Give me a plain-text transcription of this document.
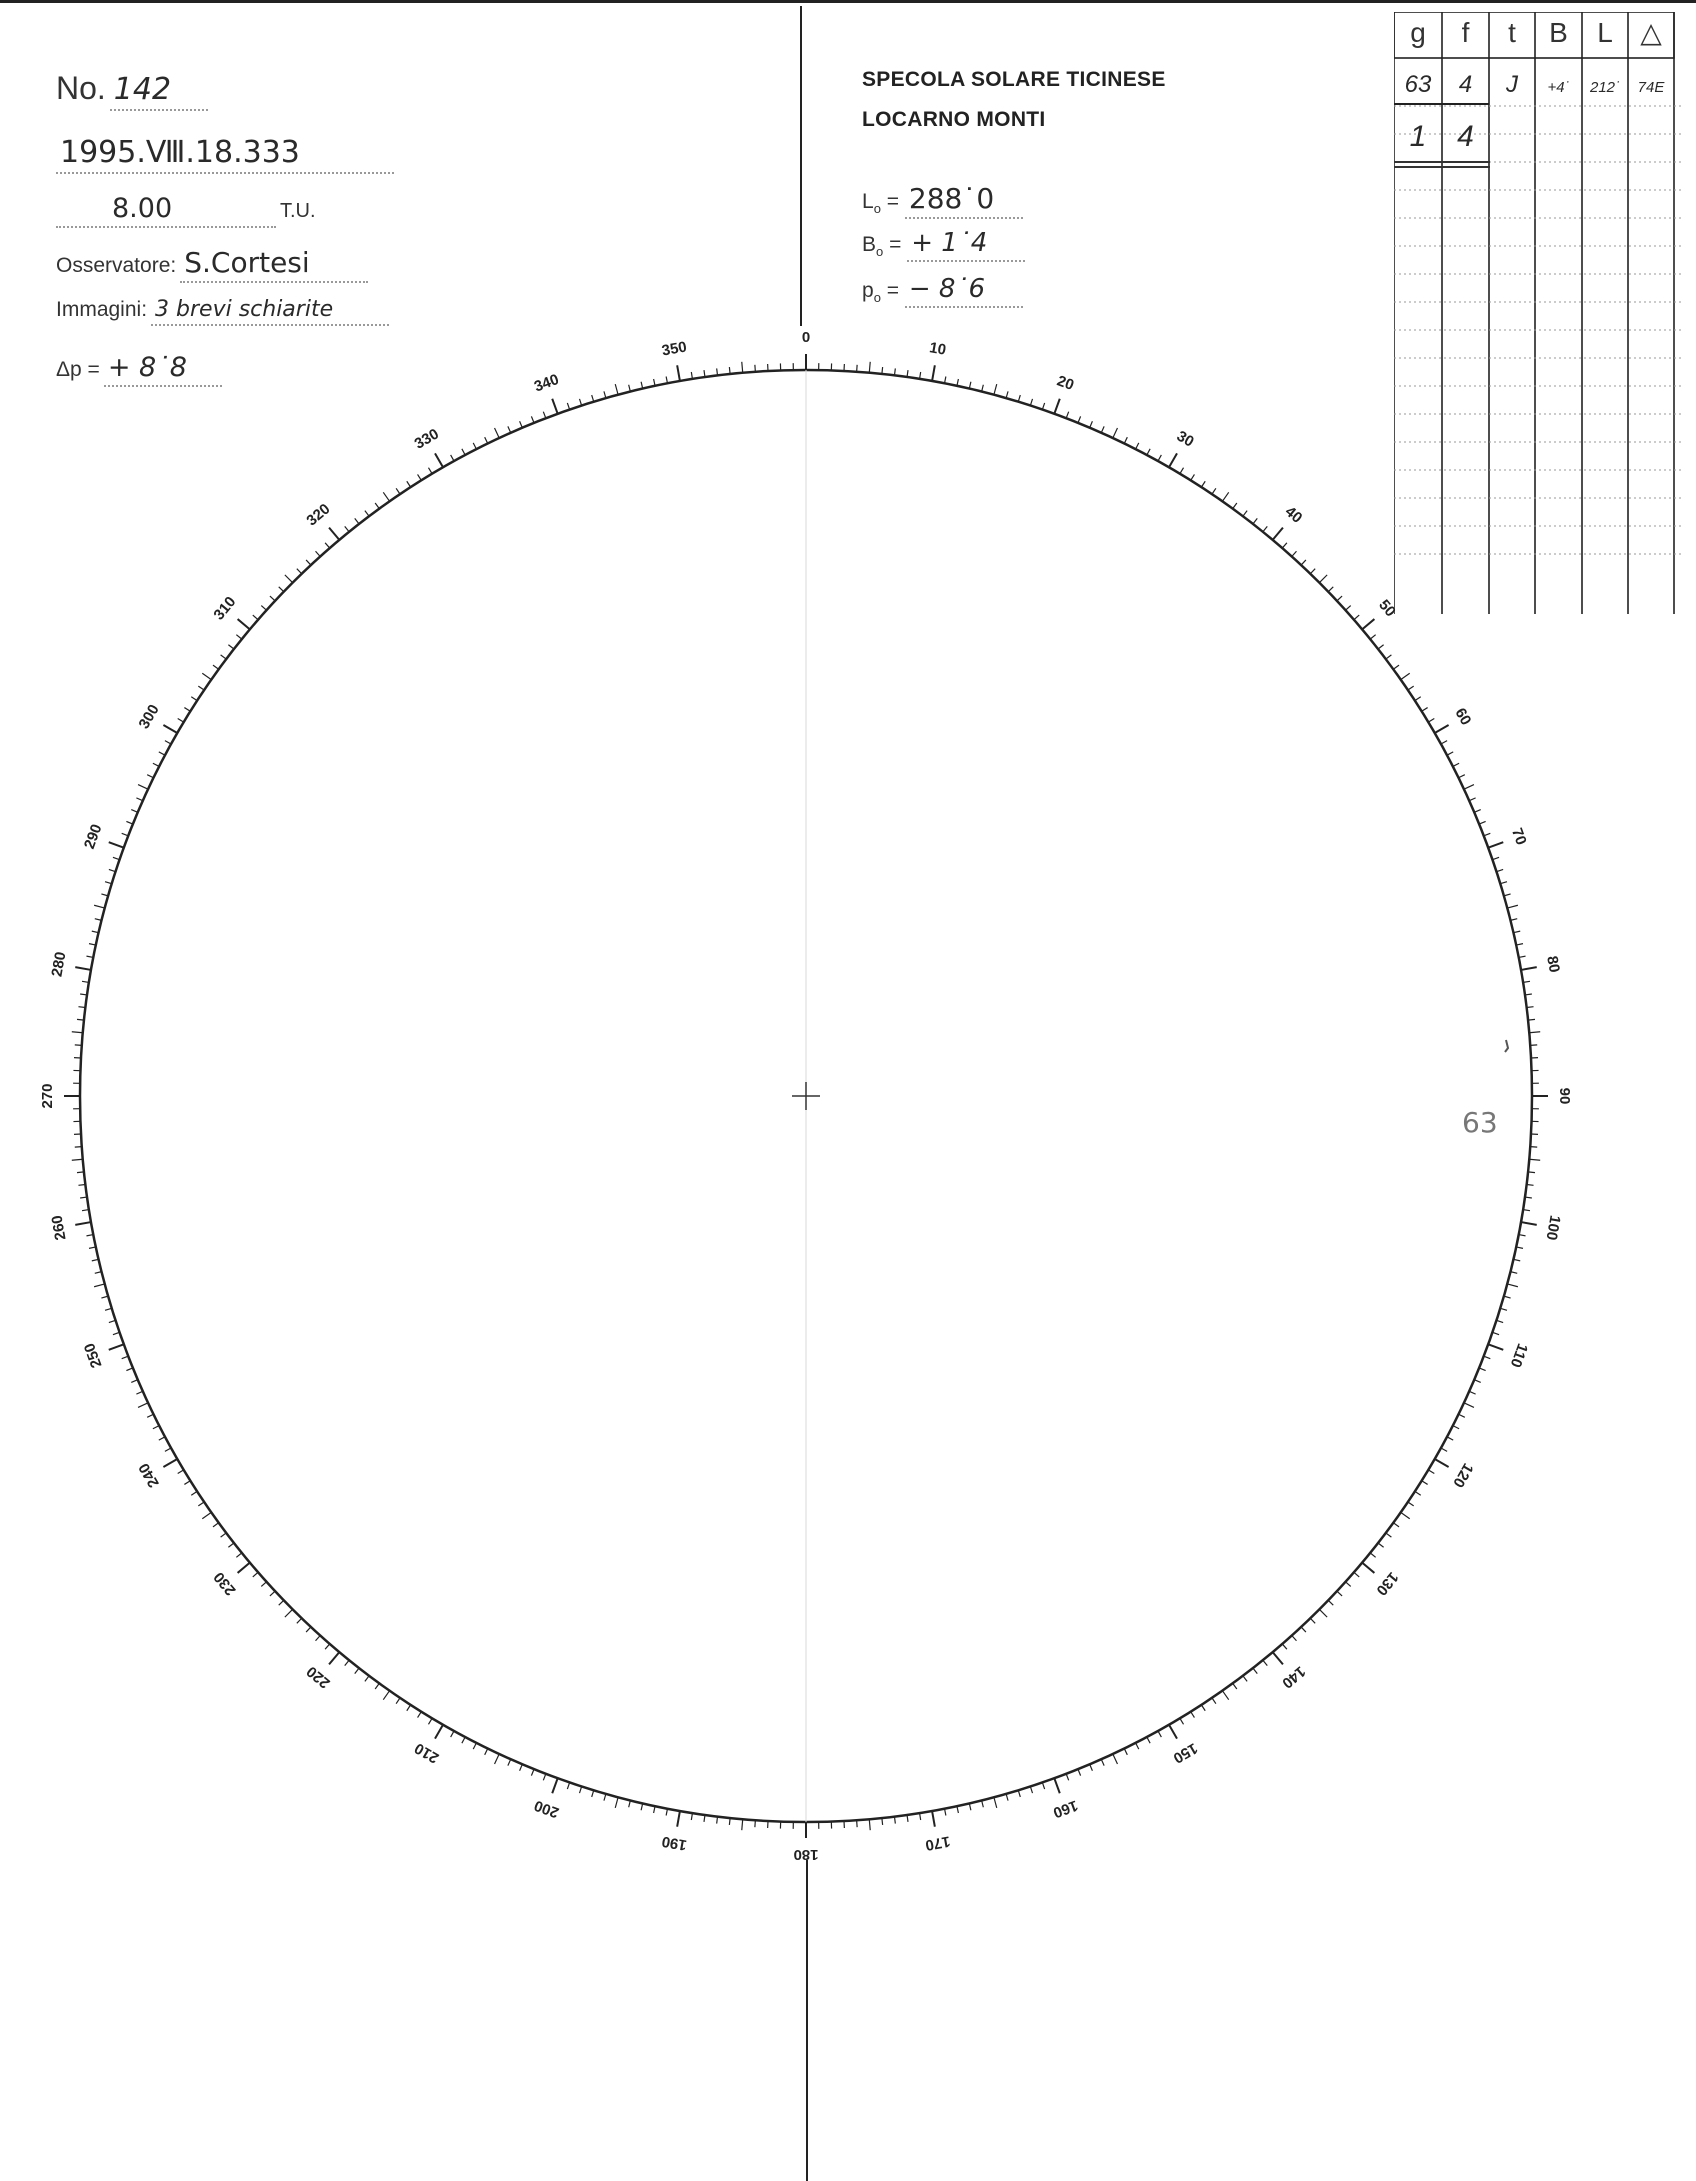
No. 142
1995.Ⅷ.18.333
8.00	T.U.
Osservatore: S.Cortesi
Immagini: 3 brevi schiarite
Δp = + 8˙8
SPECOLA SOLARE TICINESE
LOCARNO MONTI
$L_o$ = 288˙0
$B_o$ = + 1˙4
$p_o$ = − 8˙6
g f t B L △
63 4 J +4˙ 212˙ 74E
1 4
0
10
20
30
40
50
60
70
80
90
100
110
120
130
140
150
160
170
180
190
200
210
220
230
240
250
260
270
280
290
300
310
320
330
340
350
63
